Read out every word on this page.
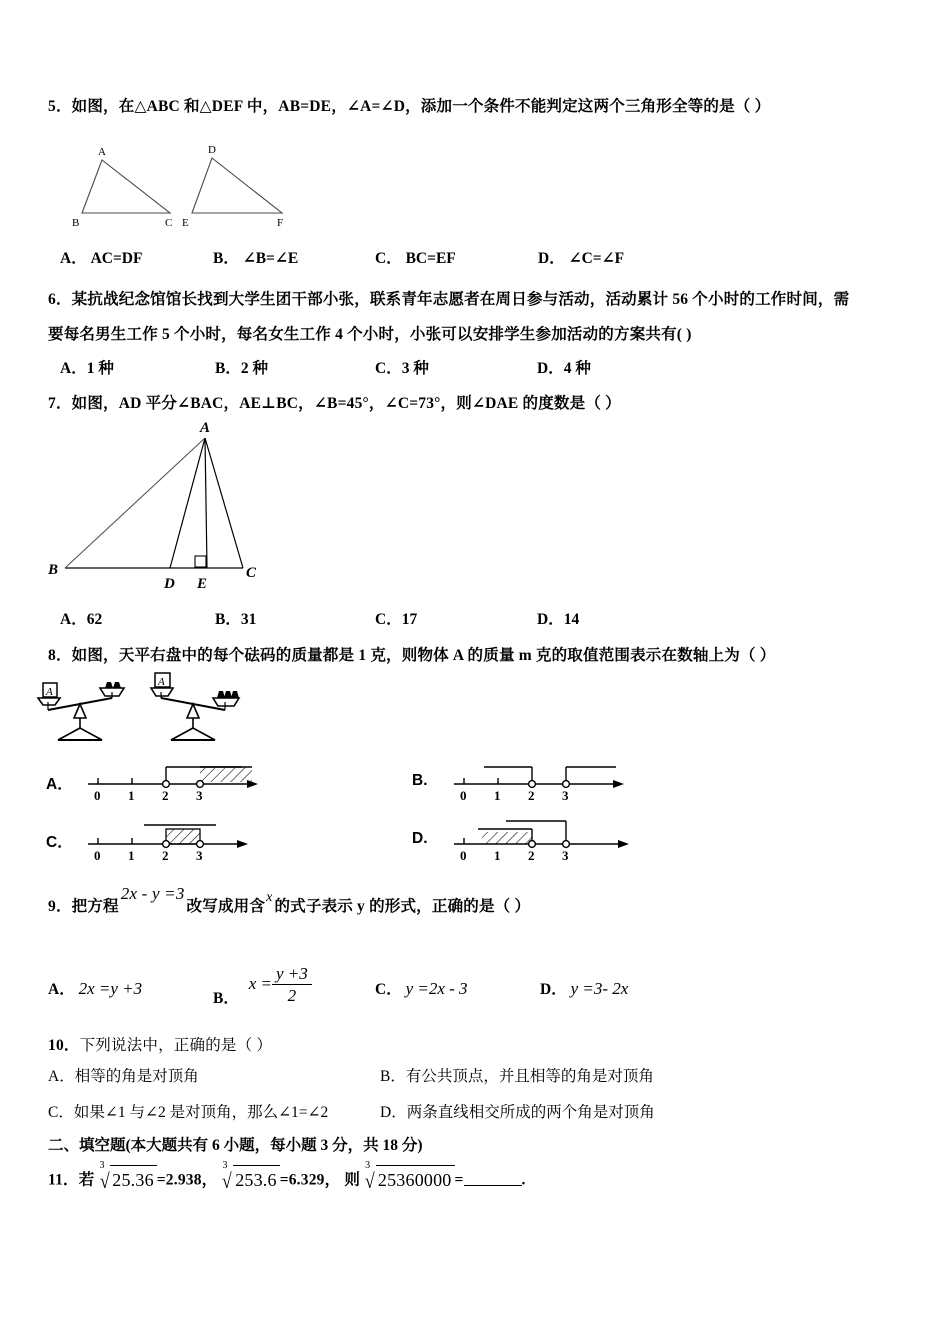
5．如图，在△ABC 和△DEF 中，AB=DE，∠A=∠D，添加一个条件不能判定这两个三角形全等的是（ ）
A
B	C
D
E	F
A． AC=DF	B． ∠B=∠E	C． BC=EF	D． ∠C=∠F
6．某抗战纪念馆馆长找到大学生团干部小张，联系青年志愿者在周日参与活动，活动累计 56 个小时的工作时间，需
要每名男生工作 5 个小时，每名女生工作 4 个小时，小张可以安排学生参加活动的方案共有( )
A．1 种	B．2 种	C．3 种	D．4 种
7．如图，AD 平分∠BAC，AE⊥BC，∠B=45°，∠C=73°，则∠DAE 的度数是（ ）
A
B
D E
C
A．62	B．31	C．17	D．14
8．如图，天平右盘中的每个砝码的质量都是 1 克，则物体 A 的质量 m 克的取值范围表示在数轴上为（ ）
A
A
A．
0 1 2 3
B.
0 1 2 3
C．
0 1 2 3
D.
0 1 2 3
9．把方程2x - y =3改写成用含x的式子表示 y 的形式，正确的是（ ）
A． 2x =y +3
B． $x = \frac{y +3}{2}$	C． y =2x - 3	D． y =3- 2x
10．下列说法中，正确的是（ ）
A．相等的角是对顶角	B．有公共顶点，并且相等的角是对顶角
C．如果∠1 与∠2 是对顶角，那么∠1=∠2	D．两条直线相交所成的两个角是对顶角
二、填空题(本大题共有 6 小题，每小题 3 分，共 18 分)
11．若
3
√ 25.36 =2.938，
3
√ 253.6 =6.329， 则
3
√ 25360000 =	.
